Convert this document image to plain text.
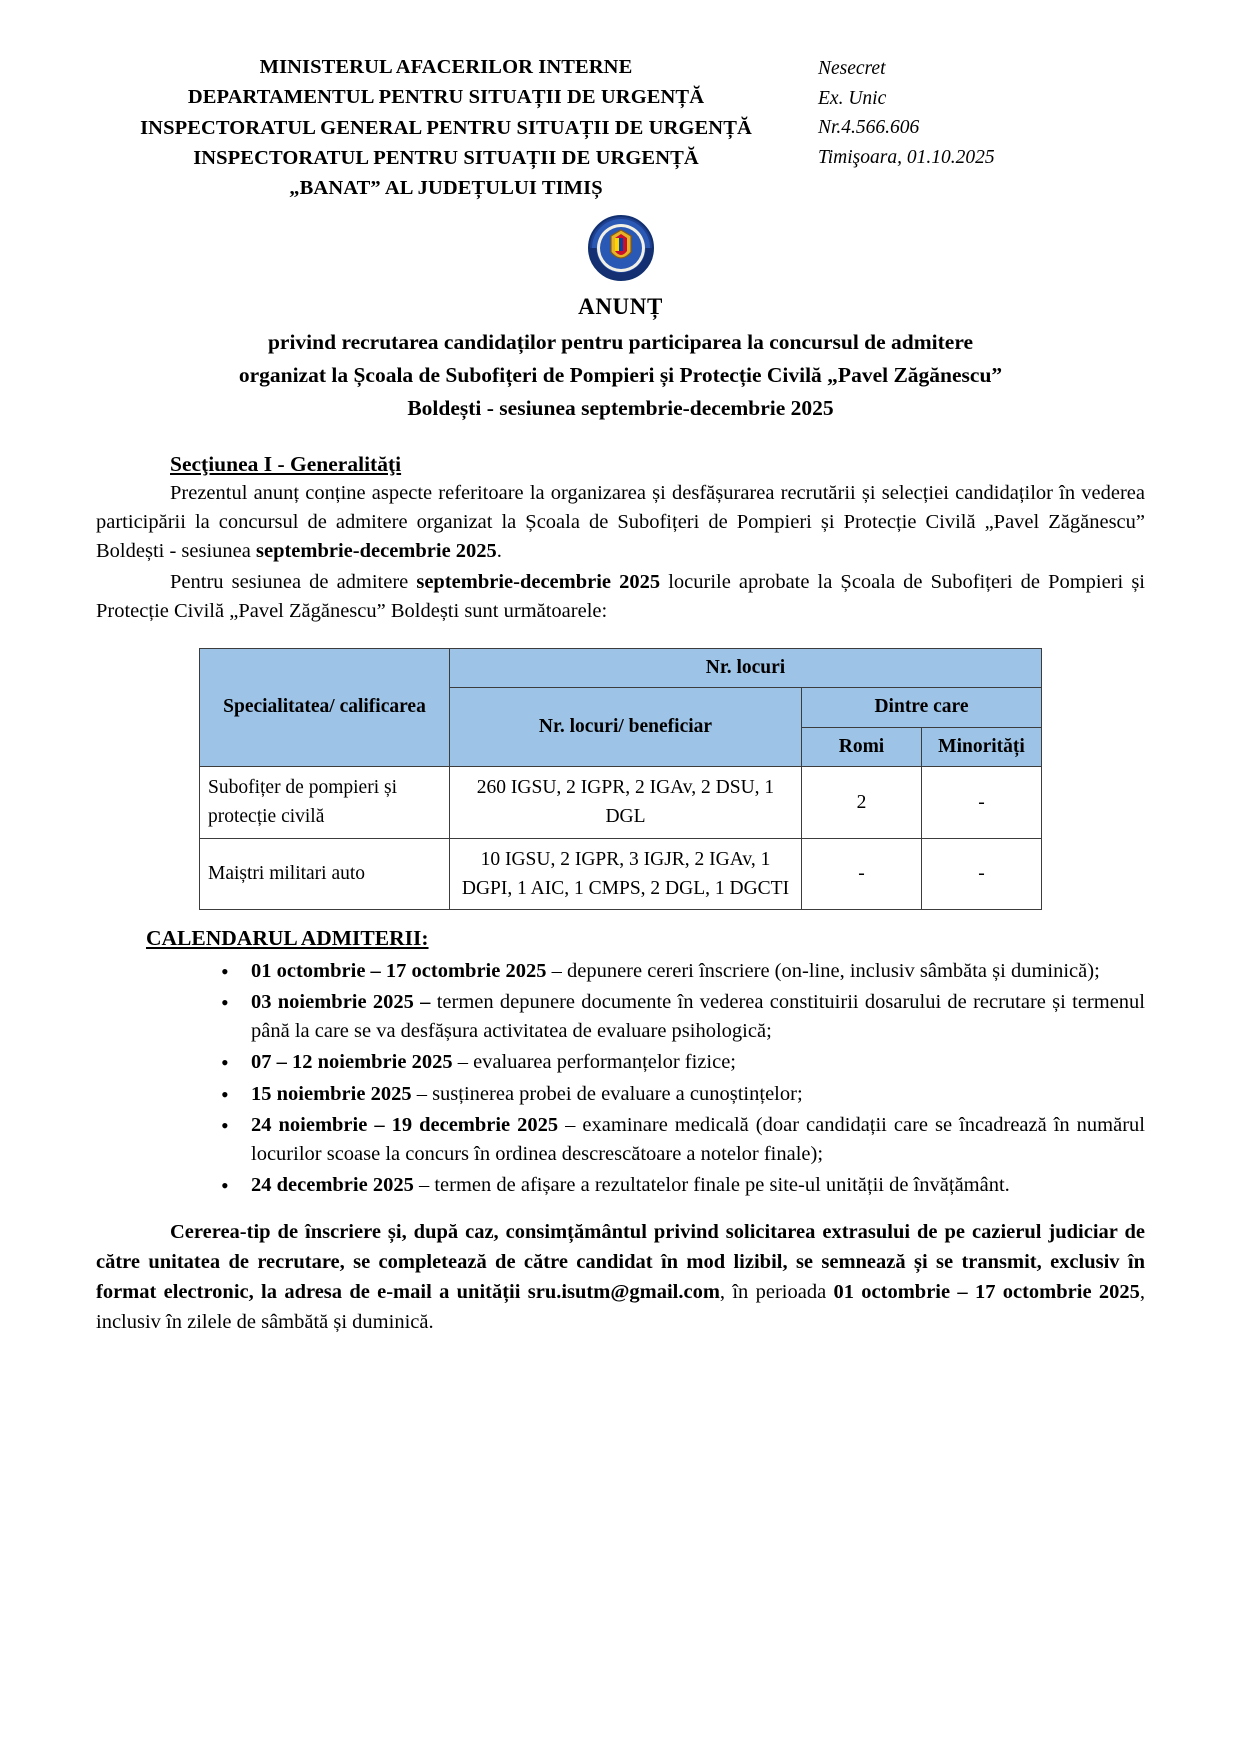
MINISTERUL AFACERILOR INTERNE
DEPARTAMENTUL PENTRU SITUAȚII DE URGENȚĂ
INSPECTORATUL GENERAL PENTRU SITUAȚII DE URGENȚĂ
INSPECTORATUL PENTRU SITUAȚII DE URGENȚĂ
„BANAT” AL JUDEȚULUI TIMIȘ
Nesecret
Ex. Unic
Nr.4.566.606
Timişoara, 01.10.2025
ANUNȚ
privind recrutarea candidaților pentru participarea la concursul de admitere
organizat la Școala de Subofițeri de Pompieri și Protecție Civilă „Pavel Zăgănescu”
Boldești - sesiunea septembrie-decembrie 2025
Secţiunea I - Generalităţi

Prezentul anunț conține aspecte referitoare la organizarea și desfășurarea recrutării și selecției candidaților în vederea participării la concursul de admitere organizat la Școala de Subofițeri de Pompieri și Protecție Civilă „Pavel Zăgănescu” Boldești - sesiunea septembrie-decembrie 2025.

Pentru sesiunea de admitere septembrie-decembrie 2025 locurile aprobate la Școala de Subofițeri de Pompieri și Protecție Civilă „Pavel Zăgănescu” Boldești sunt următoarele:

Specialitatea/ calificarea	Nr. locuri		
	Nr. locuri/ beneficiar	Dintre care	
		Romi	Minorități
Subofițer de pompieri și protecție civilă	260 IGSU, 2 IGPR, 2 IGAv, 2 DSU, 1 DGL	2	-
Maiștri militari auto	10 IGSU, 2 IGPR, 3 IGJR, 2 IGAv, 1 DGPI, 1 AIC, 1 CMPS, 2 DGL, 1 DGCTI	-	-
CALENDARUL ADMITERII:
• 01 octombrie – 17 octombrie 2025 – depunere cereri înscriere (on-line, inclusiv sâmbăta și duminică);
• 03 noiembrie 2025 – termen depunere documente în vederea constituirii dosarului de recrutare și termenul până la care se va desfășura activitatea de evaluare psihologică;
• 07 – 12 noiembrie 2025 – evaluarea performanțelor fizice;
• 15 noiembrie 2025 – susținerea probei de evaluare a cunoștințelor;
• 24 noiembrie – 19 decembrie 2025 – examinare medicală (doar candidații care se încadrează în numărul locurilor scoase la concurs în ordinea descrescătoare a notelor finale);
• 24 decembrie 2025 – termen de afișare a rezultatelor finale pe site-ul unității de învățământ.

Cererea-tip de înscriere și, după caz, consimțământul privind solicitarea extrasului de pe cazierul judiciar de către unitatea de recrutare, se completează de către candidat în mod lizibil, se semnează și se transmit, exclusiv în format electronic, la adresa de e-mail a unității sru.isutm@gmail.com, în perioada 01 octombrie – 17 octombrie 2025, inclusiv în zilele de sâmbătă și duminică.
